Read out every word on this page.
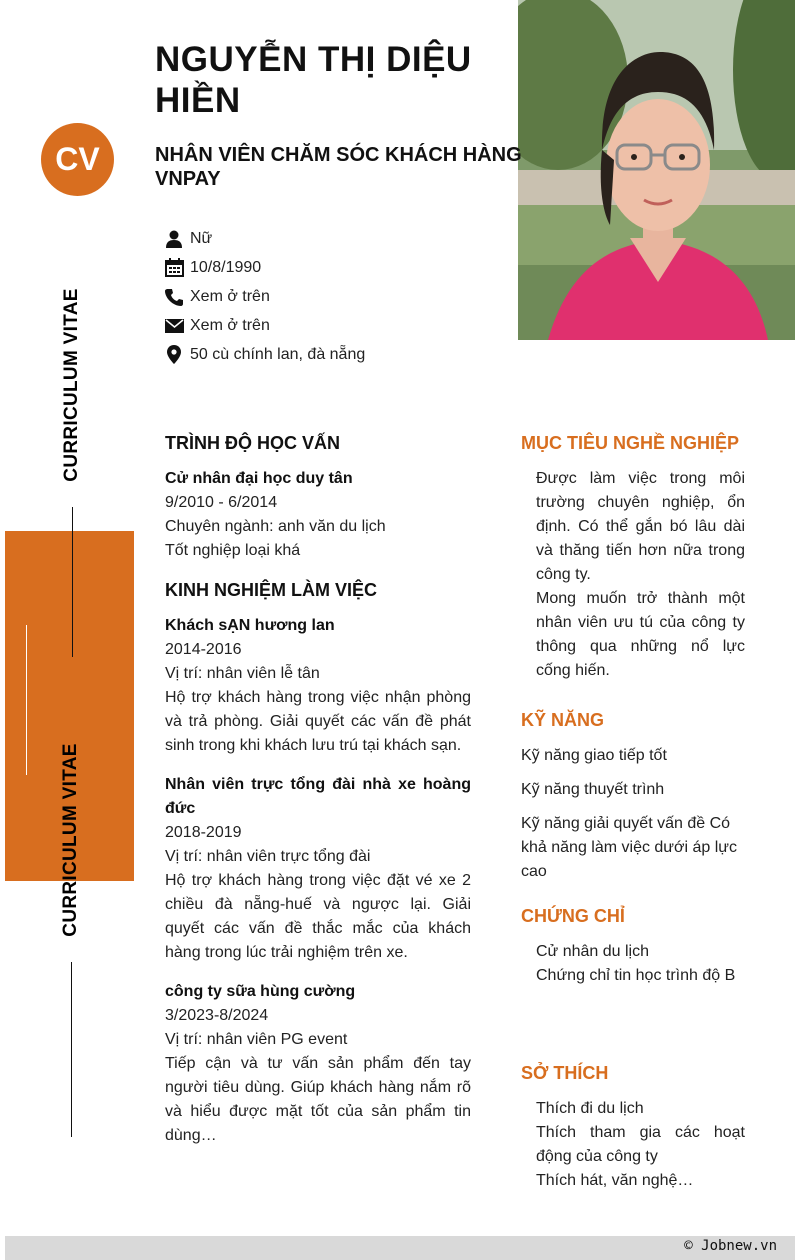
CV
CURRICULUM VITAE
CURRICULUM VITAE
NGUYỄN THỊ DIỆU HIỀN
NHÂN VIÊN CHĂM SÓC KHÁCH HÀNG VNPAY
Nữ
10/8/1990
Xem ở trên
Xem ở trên
50 cù chính lan, đà nẵng
TRÌNH ĐỘ HỌC VẤN
Cử nhân đại học duy tân
9/2010 - 6/2014
Chuyên ngành: anh văn du lịch
Tốt nghiệp loại khá
KINH NGHIỆM LÀM VIỆC
Khách sẠN hương lan
2014-2016
Vị trí: nhân viên lễ tân
Hộ trợ khách hàng trong việc nhận phòng và trả phòng. Giải quyết các vấn đề phát sinh trong khi khách lưu trú tại khách sạn.
Nhân viên trực tổng đài nhà xe hoàng đức
2018-2019
Vị trí: nhân viên trực tổng đài
Hộ trợ khách hàng trong việc đặt vé xe 2 chiều đà nẵng-huế và ngược lại. Giải quyết các vấn đề thắc mắc của khách hàng trong lúc trải nghiệm trên xe.
công ty sữa hùng cường
3/2023-8/2024
Vị trí: nhân viên PG event
Tiếp cận và tư vấn sản phẩm đến tay người tiêu dùng. Giúp khách hàng nắm rõ và hiểu được mặt tốt của sản phẩm tin dùng…
MỤC TIÊU NGHỀ NGHIỆP
Được làm việc trong môi trường chuyên nghiệp, ổn định. Có thể gắn bó lâu dài và thăng tiến hơn nữa trong công ty.
Mong muốn trở thành một nhân viên ưu tú của công ty thông qua những nổ lực cống hiến.
KỸ NĂNG
Kỹ năng giao tiếp tốt
Kỹ năng thuyết trình
Kỹ năng giải quyết vấn đề Có khả năng làm việc dưới áp lực cao
CHỨNG CHỈ
Cử nhân du lịch
Chứng chỉ tin học trình độ B
SỞ THÍCH
Thích đi du lịch
Thích tham gia các hoạt động của công ty
Thích hát, văn nghệ…
© Jobnew.vn
